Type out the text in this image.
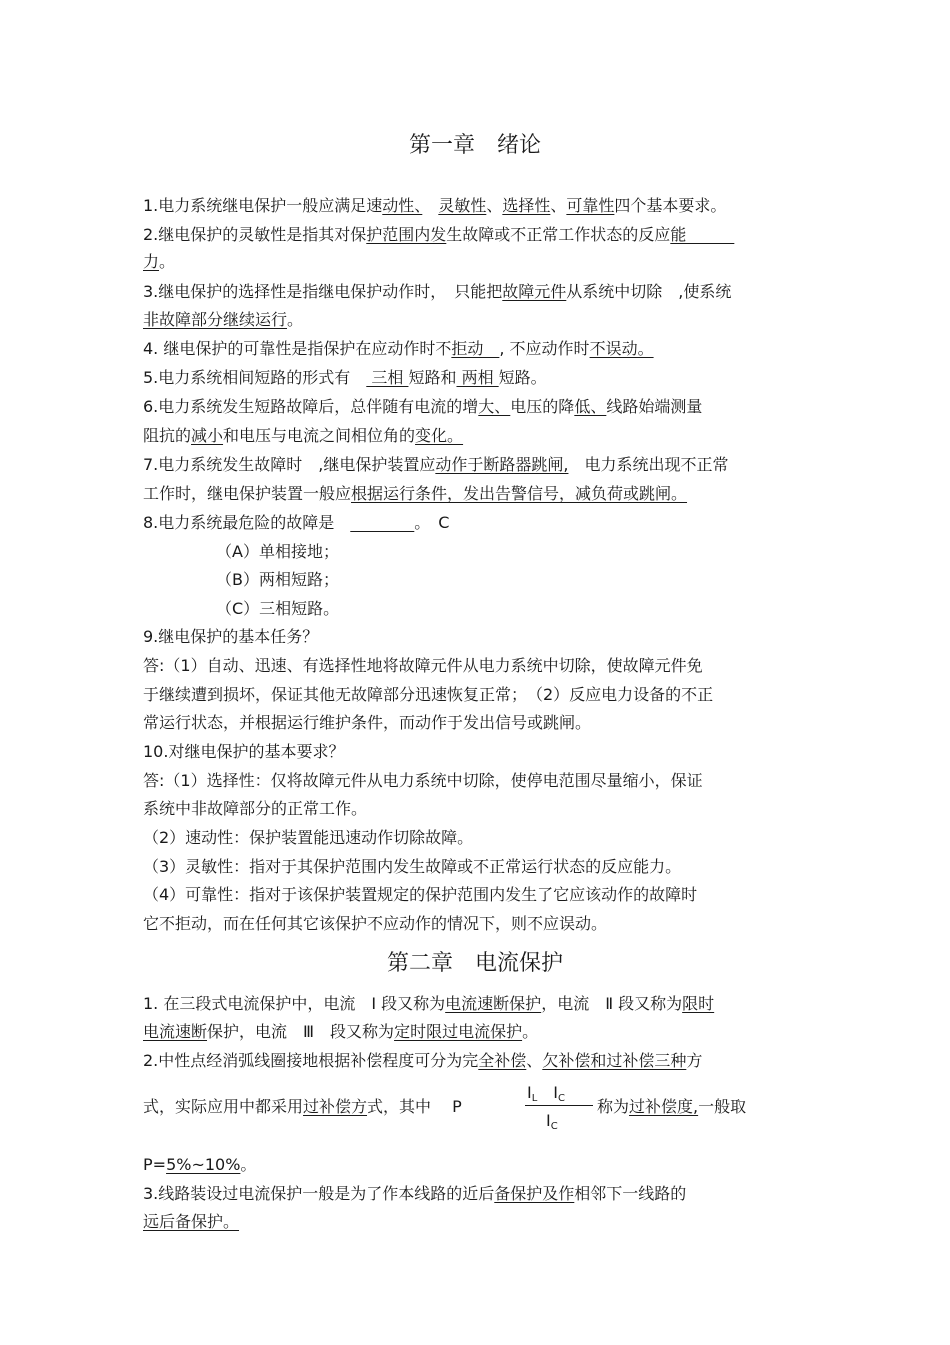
第一章　绪论
1.电力系统继电保护一般应满足速动性、　 灵敏性、选择性、可靠性四个基本要求。
2.继电保护的灵敏性是指其对保护范围内发生故障或不正常工作状态的反应能　　　
力。
3.继电保护的选择性是指继电保护动作时，　只能把故障元件从系统中切除　,使系统
非故障部分继续运行。
4. 继电保护的可靠性是指保护在应动作时不拒动　, 不应动作时不误动。
5.电力系统相间短路的形式有　 三相 短路和 两相 短路。
6.电力系统发生短路故障后，总伴随有电流的增大、电压的降低、线路始端测量
阻抗的减小和电压与电流之间相位角的变化。
7.电力系统发生故障时　,继电保护装置应动作于断路器跳闸,　电力系统出现不正常
工作时，继电保护装置一般应根据运行条件，发出告警信号，减负荷或跳闸。
8.电力系统最危险的故障是　　　　　	。　C
（A）单相接地；
（B）两相短路；
（C）三相短路。
9.继电保护的基本任务？
答:（1）自动、迅速、有选择性地将故障元件从电力系统中切除，使故障元件免
于继续遭到损坏，保证其他无故障部分迅速恢复正常；　（2）反应电力设备的不正
常运行状态，并根据运行维护条件，而动作于发出信号或跳闸。
10.对继电保护的基本要求？
答:（1）选择性：仅将故障元件从电力系统中切除，使停电范围尽量缩小，保证
系统中非故障部分的正常工作。
（2）速动性：保护装置能迅速动作切除故障。
（3）灵敏性：指对于其保护范围内发生故障或不正常运行状态的反应能力。
（4）可靠性：指对于该保护装置规定的保护范围内发生了它应该动作的故障时
它不拒动，而在任何其它该保护不应动作的情况下，则不应误动。
第二章　电流保护
1. 在三段式电流保护中，电流　Ⅰ 段又称为电流速断保护，电流　Ⅱ 段又称为限时
电流速断保护，电流　Ⅲ　段又称为定时限过电流保护。
2.中性点经消弧线圈接地根据补偿程度可分为完全补偿、欠补偿和过补偿三种方
式，实际应用中都采用过补偿方式，其中　 P
$I_L$  $I_C$
$I_C$
称为过补偿度,一般取
P=5%~10%。
3.线路装设过电流保护一般是为了作本线路的近后备保护及作相邻下一线路的
远后备保护。
